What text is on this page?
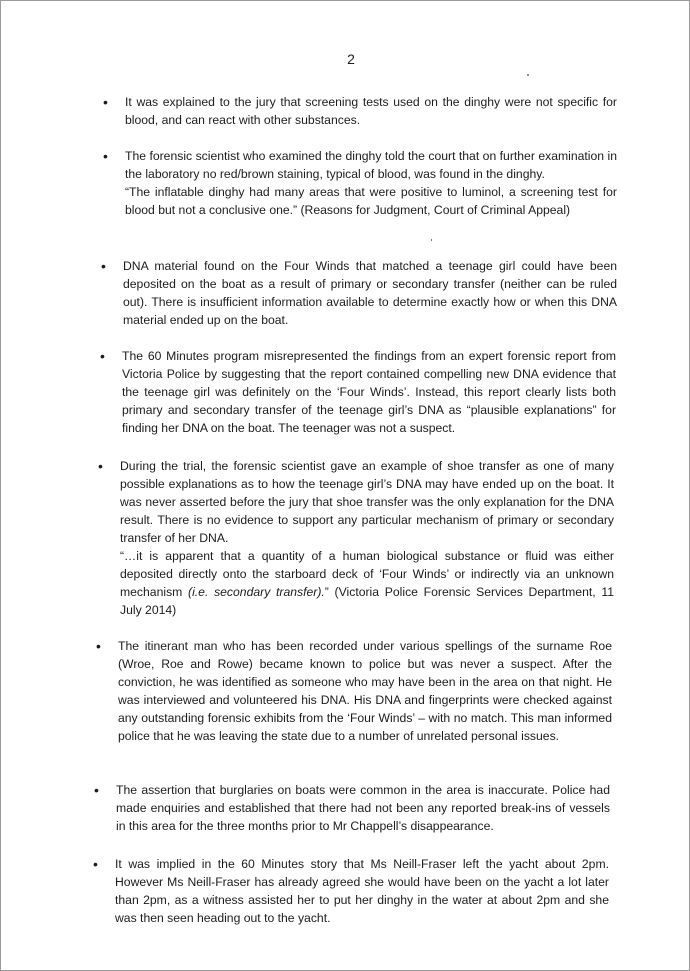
2
• It was explained to the jury that screening tests used on the dinghy were not specific for blood, and can react with other substances.

• The forensic scientist who examined the dinghy told the court that on further examination in the laboratory no red/brown staining, typical of blood, was found in the dinghy.

“The inflatable dinghy had many areas that were positive to luminol, a screening test for blood but not a conclusive one.” (Reasons for Judgment, Court of Criminal Appeal)

• DNA material found on the Four Winds that matched a teenage girl could have been deposited on the boat as a result of primary or secondary transfer (neither can be ruled out). There is insufficient information available to determine exactly how or when this DNA material ended up on the boat.

• The 60 Minutes program misrepresented the findings from an expert forensic report from Victoria Police by suggesting that the report contained compelling new DNA evidence that the teenage girl was definitely on the ‘Four Winds’. Instead, this report clearly lists both primary and secondary transfer of the teenage girl’s DNA as “plausible explanations” for finding her DNA on the boat. The teenager was not a suspect.

• During the trial, the forensic scientist gave an example of shoe transfer as one of many possible explanations as to how the teenage girl’s DNA may have ended up on the boat. It was never asserted before the jury that shoe transfer was the only explanation for the DNA result. There is no evidence to support any particular mechanism of primary or secondary transfer of her DNA.

“…it is apparent that a quantity of a human biological substance or fluid was either deposited directly onto the starboard deck of ‘Four Winds’ or indirectly via an unknown mechanism (i.e. secondary transfer).” (Victoria Police Forensic Services Department, 11 July 2014)

• The itinerant man who has been recorded under various spellings of the surname Roe (Wroe, Roe and Rowe) became known to police but was never a suspect. After the conviction, he was identified as someone who may have been in the area on that night. He was interviewed and volunteered his DNA. His DNA and fingerprints were checked against any outstanding forensic exhibits from the ‘Four Winds’ – with no match. This man informed police that he was leaving the state due to a number of unrelated personal issues.

• The assertion that burglaries on boats were common in the area is inaccurate. Police had made enquiries and established that there had not been any reported break-ins of vessels in this area for the three months prior to Mr Chappell’s disappearance.

• It was implied in the 60 Minutes story that Ms Neill-Fraser left the yacht about 2pm. However Ms Neill-Fraser has already agreed she would have been on the yacht a lot later than 2pm, as a witness assisted her to put her dinghy in the water at about 2pm and she was then seen heading out to the yacht.
